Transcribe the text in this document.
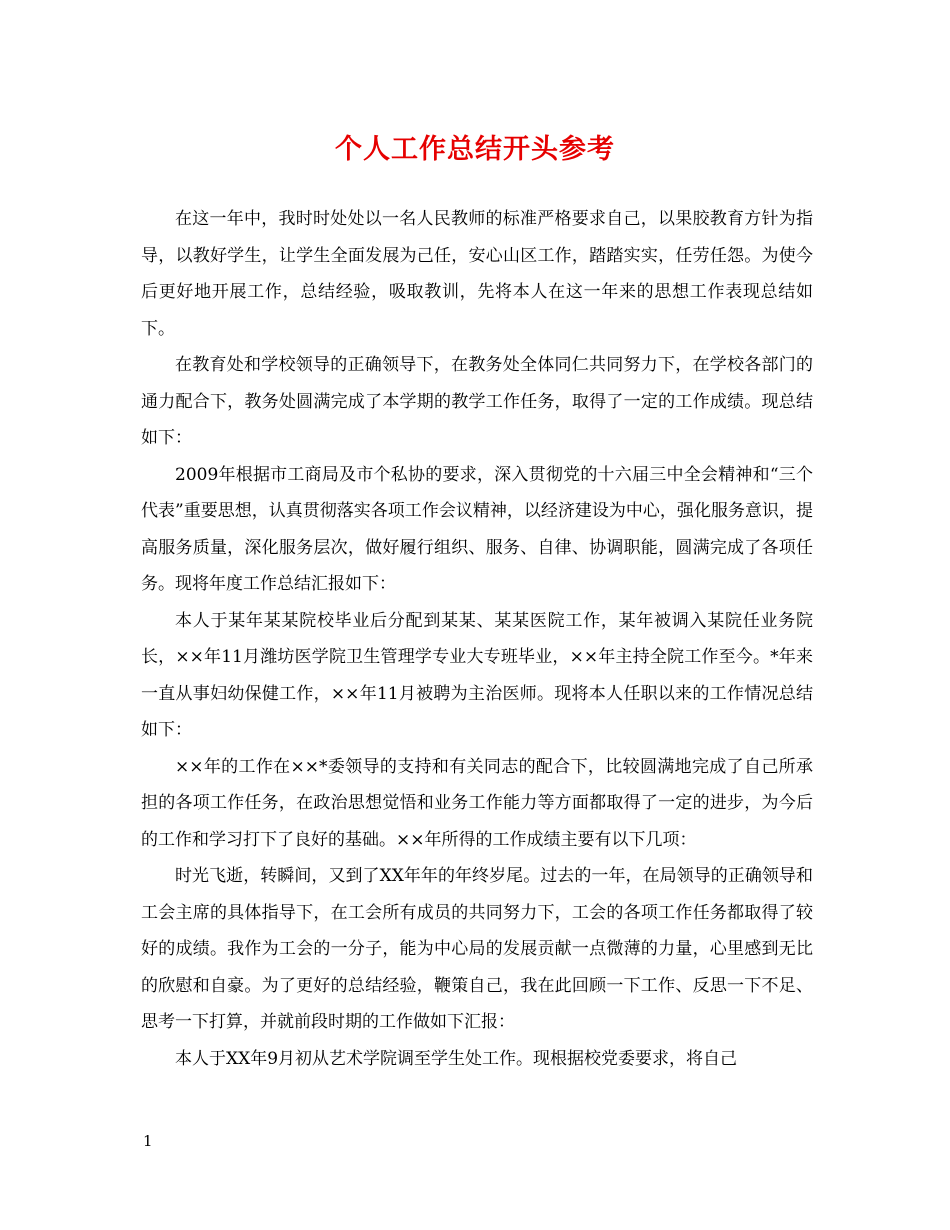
个人工作总结开头参考

在这一年中，我时时处处以一名人民教师的标准严格要求自己，以果胶教育方针为指导，以教好学生，让学生全面发展为己任，安心山区工作，踏踏实实，任劳任怨。为使今后更好地开展工作，总结经验，吸取教训，先将本人在这一年来的思想工作表现总结如下。

在教育处和学校领导的正确领导下，在教务处全体同仁共同努力下，在学校各部门的通力配合下，教务处圆满完成了本学期的教学工作任务，取得了一定的工作成绩。现总结如下：

2009年根据市工商局及市个私协的要求，深入贯彻党的十六届三中全会精神和“三个代表”重要思想，认真贯彻落实各项工作会议精神，以经济建设为中心，强化服务意识，提高服务质量，深化服务层次，做好履行组织、服务、自律、协调职能，圆满完成了各项任务。现将年度工作总结汇报如下：

本人于某年某某院校毕业后分配到某某、某某医院工作，某年被调入某院任业务院长，××年11月潍坊医学院卫生管理学专业大专班毕业，××年主持全院工作至今。*年来一直从事妇幼保健工作，××年11月被聘为主治医师。现将本人任职以来的工作情况总结如下：

××年的工作在××*委领导的支持和有关同志的配合下，比较圆满地完成了自己所承担的各项工作任务，在政治思想觉悟和业务工作能力等方面都取得了一定的进步，为今后的工作和学习打下了良好的基础。××年所得的工作成绩主要有以下几项：

时光飞逝，转瞬间，又到了XX年年的年终岁尾。过去的一年，在局领导的正确领导和工会主席的具体指导下，在工会所有成员的共同努力下，工会的各项工作任务都取得了较好的成绩。我作为工会的一分子，能为中心局的发展贡献一点微薄的力量，心里感到无比的欣慰和自豪。为了更好的总结经验，鞭策自己，我在此回顾一下工作、反思一下不足、思考一下打算，并就前段时期的工作做如下汇报：

本人于XX年9月初从艺术学院调至学生处工作。现根据校党委要求，将自己

1
